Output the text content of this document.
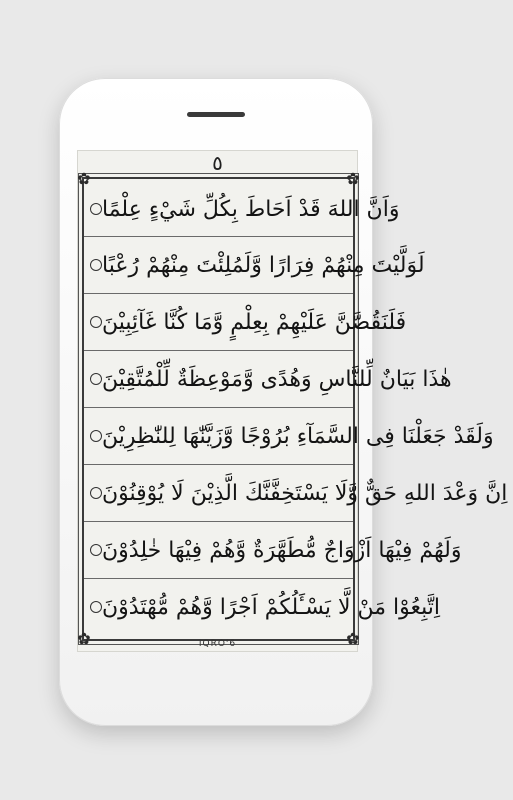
٥
✿	✿
✿	✿
وَاَنَّ اللهَ قَدْ اَحَاطَ بِكُلِّ شَيْءٍ عِلْمًا
لَوَلَّيْتَ مِنْهُمْ فِرَارًا وَّلَمُلِئْتَ مِنْهُمْ رُعْبًا
فَلَنَقُصَّنَّ عَلَيْهِمْ بِعِلْمٍ وَّمَا كُنَّا غَآئِبِيْنَ
هٰذَا بَيَانٌ لِّلنَّاسِ وَهُدًى وَّمَوْعِظَةٌ لِّلْمُتَّقِيْنَ
وَلَقَدْ جَعَلْنَا فِى السَّمَآءِ بُرُوْجًا وَّزَيَّنّٰهَا لِلنّٰظِرِيْنَ
اِنَّ وَعْدَ اللهِ حَقٌّ وَّلَا يَسْتَخِفَّنَّكَ الَّذِيْنَ لَا يُوْقِنُوْنَ
وَلَهُمْ فِيْهَا اَزْوَاجٌ مُّطَهَّرَةٌ وَّهُمْ فِيْهَا خٰلِدُوْنَ
اِتَّبِعُوْا مَنْ لَّا يَسْـَٔلُكُمْ اَجْرًا وَّهُمْ مُّهْتَدُوْنَ
IQRO'6
